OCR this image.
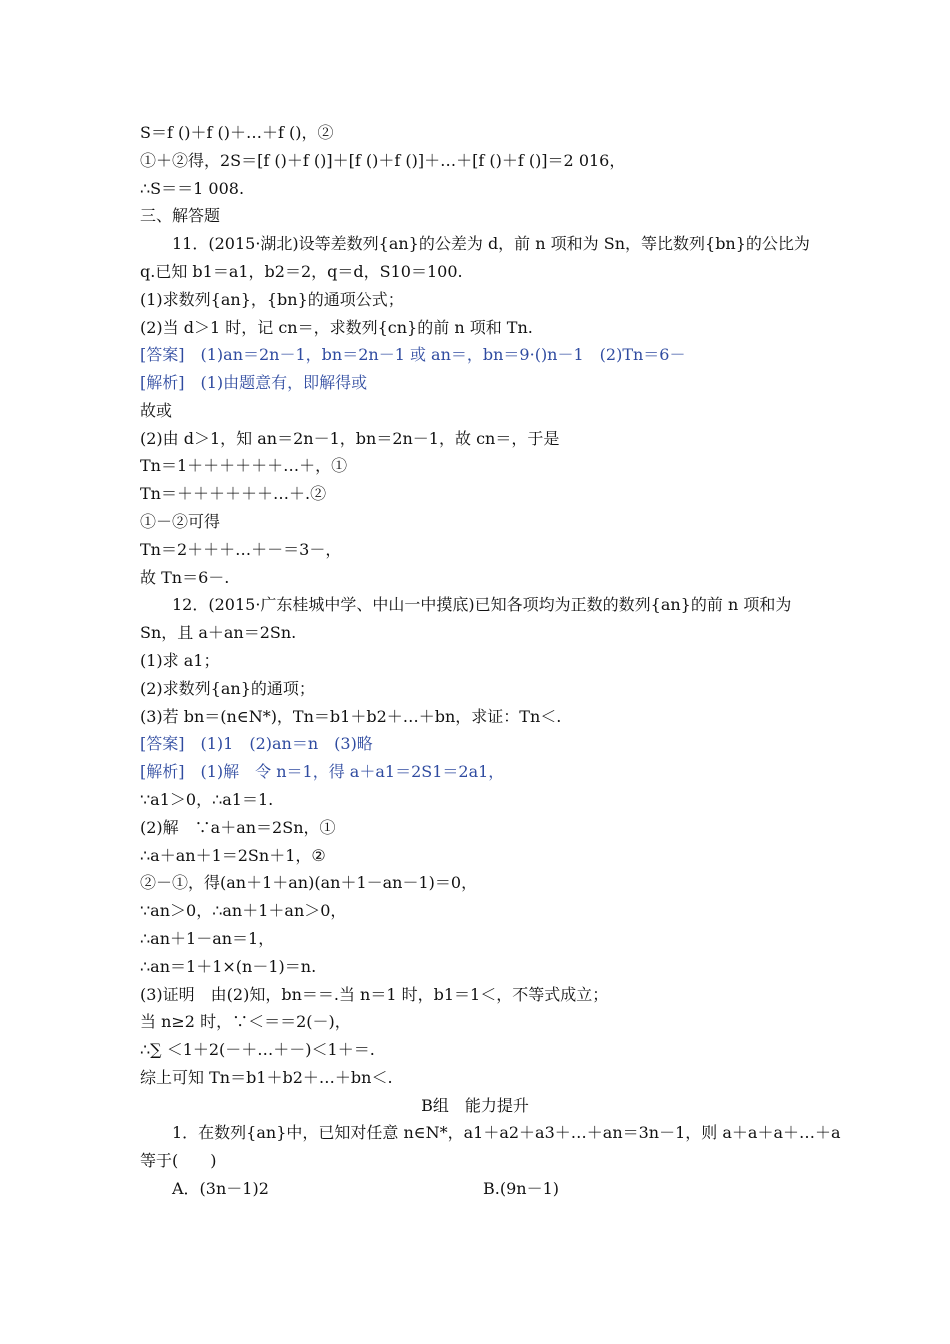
S＝f ()＋f ()＋…＋f ()，②
①＋②得，2S＝[f ()＋f ()]＋[f ()＋f ()]＋…＋[f ()＋f ()]＝2 016，
∴S＝＝1 008.
三、解答题
11．(2015·湖北)设等差数列{an}的公差为 d，前 n 项和为 Sn，等比数列{bn}的公比为
q.已知 b1＝a1，b2＝2，q＝d，S10＝100.
(1)求数列{an}，{bn}的通项公式；
(2)当 d＞1 时，记 cn＝，求数列{cn}的前 n 项和 Tn.
[答案]　(1)an＝2n－1，bn＝2n－1 或 an＝，bn＝9·()n－1　(2)Tn＝6－
[解析]　(1)由题意有，即解得或
故或
(2)由 d＞1，知 an＝2n－1，bn＝2n－1，故 cn＝，于是
Tn＝1＋＋＋＋＋＋…＋，①
Tn＝＋＋＋＋＋＋…＋.②
①－②可得
Tn＝2＋＋＋…＋－＝3－，
故 Tn＝6－.
12．(2015·广东桂城中学、中山一中摸底)已知各项均为正数的数列{an}的前 n 项和为
Sn，且 a＋an＝2Sn.
(1)求 a1；
(2)求数列{an}的通项；
(3)若 bn＝(n∈N*)，Tn＝b1＋b2＋…＋bn，求证：Tn＜.
[答案]　(1)1　(2)an＝n　(3)略
[解析]　(1)解　令 n＝1，得 a＋a1＝2S1＝2a1，
∵a1＞0，∴a1＝1.
(2)解　∵a＋an＝2Sn，①
∴a＋an＋1＝2Sn＋1，②
②－①，得(an＋1＋an)(an＋1－an－1)＝0，
∵an＞0，∴an＋1＋an＞0，
∴an＋1－an＝1，
∴an＝1＋1×(n－1)＝n.
(3)证明　由(2)知，bn＝＝.当 n＝1 时，b1＝1＜，不等式成立；
当 n≥2 时，∵＜＝＝2(－)，
∴∑ ＜1＋2(－＋…＋－)＜1＋＝.
综上可知 Tn＝b1＋b2＋…＋bn＜.
B组　能力提升
1．在数列{an}中，已知对任意 n∈N*，a1＋a2＋a3＋…＋an＝3n－1，则 a＋a＋a＋…＋a
等于(　　)
A．(3n－1)2	B.(9n－1)
